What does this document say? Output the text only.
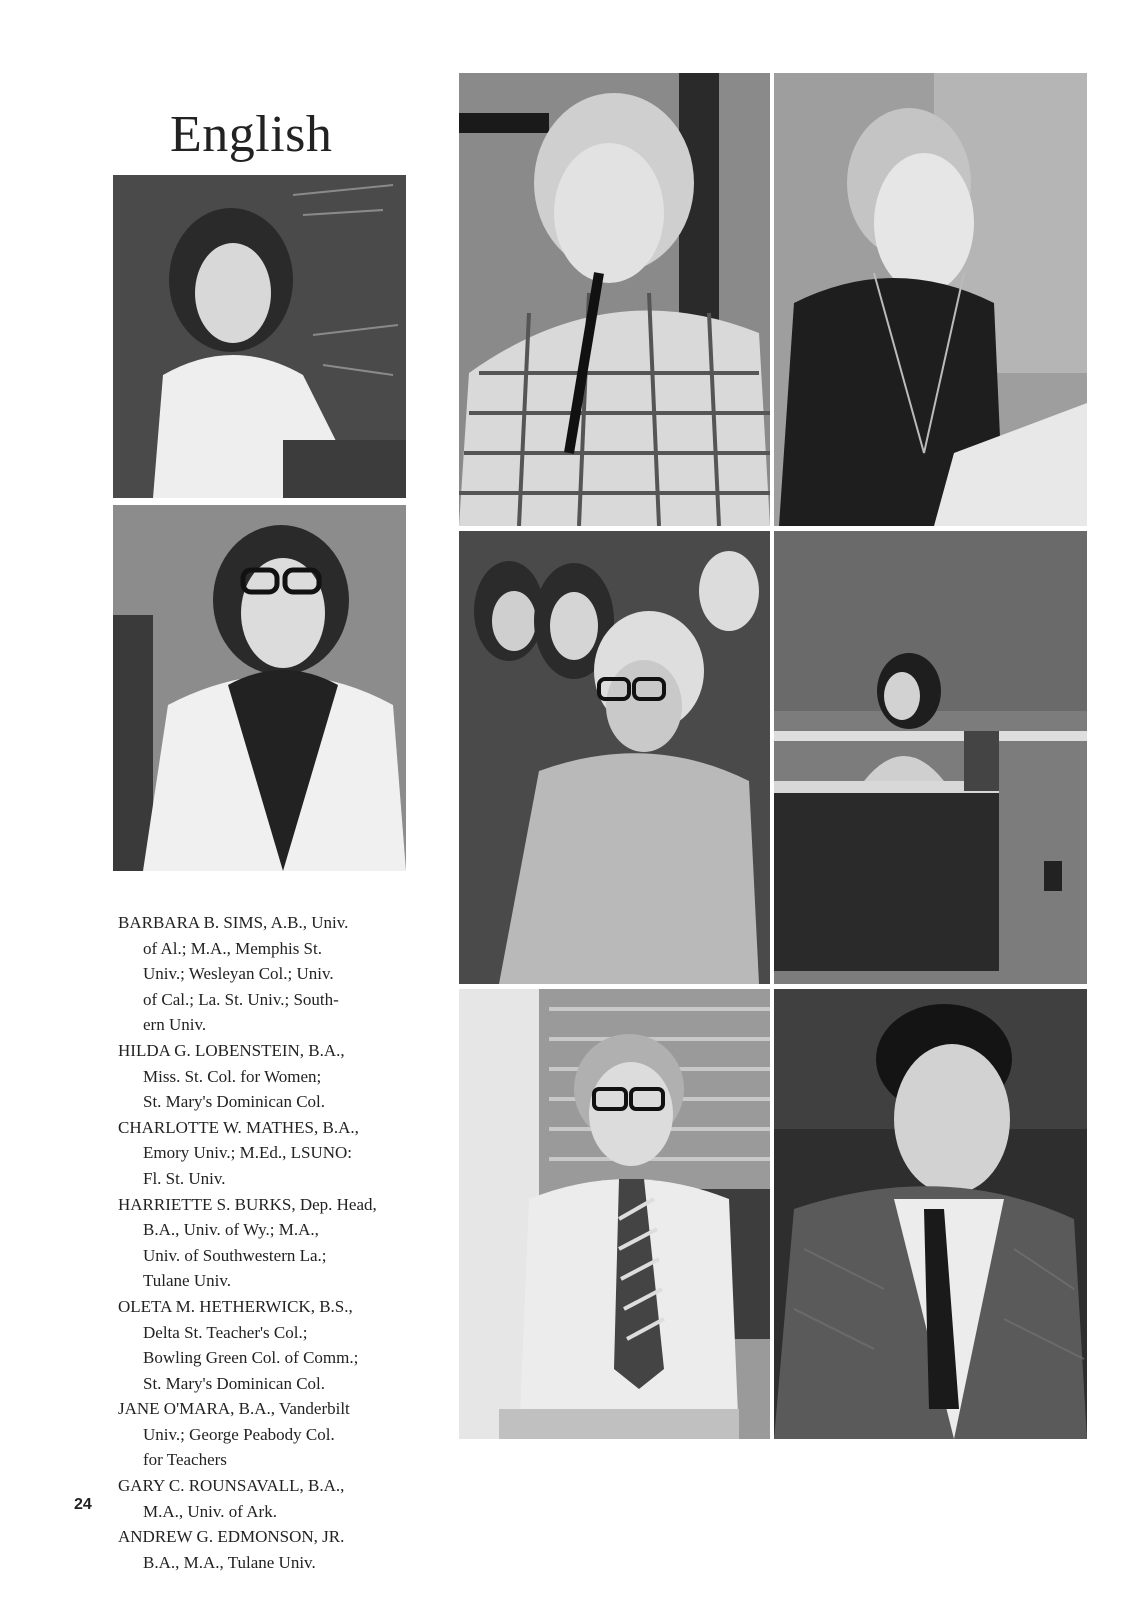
English

BARBARA B. SIMS, A.B., Univ.
of Al.; M.A., Memphis St.
Univ.; Wesleyan Col.; Univ.
of Cal.; La. St. Univ.; South-
ern Univ.

HILDA G. LOBENSTEIN, B.A.,
Miss. St. Col. for Women;
St. Mary's Dominican Col.

CHARLOTTE W. MATHES, B.A.,
Emory Univ.; M.Ed., LSUNO:
Fl. St. Univ.

HARRIETTE S. BURKS, Dep. Head,
B.A., Univ. of Wy.; M.A.,
Univ. of Southwestern La.;
Tulane Univ.

OLETA M. HETHERWICK, B.S.,
Delta St. Teacher's Col.;
Bowling Green Col. of Comm.;
St. Mary's Dominican Col.

JANE O'MARA, B.A., Vanderbilt
Univ.; George Peabody Col.
for Teachers

GARY C. ROUNSAVALL, B.A.,
M.A., Univ. of Ark.

ANDREW G. EDMONSON, JR.
B.A., M.A., Tulane Univ.

24
